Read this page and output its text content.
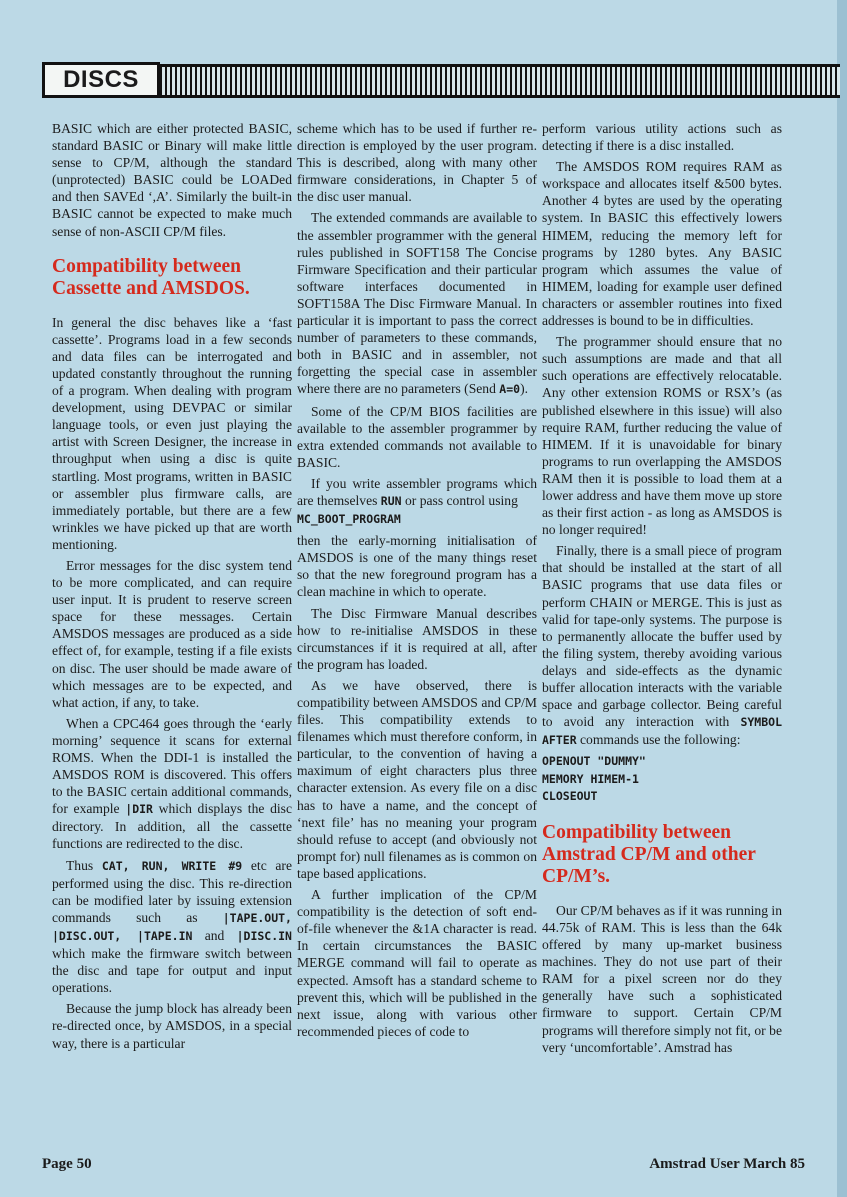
DISCS

BASIC which are either protected BASIC, standard BASIC or Binary will make little sense to CP/M, although the standard (unprotected) BASIC could be LOADed and then SAVEd ‘,A’. Similarly the built-in BASIC cannot be expected to make much sense of non-ASCII CP/M files.

Compatibility between Cassette and AMSDOS.

In general the disc behaves like a ‘fast cassette’. Programs load in a few seconds and data files can be interrogated and updated constantly throughout the running of a program. When dealing with program development, using DEVPAC or similar language tools, or even just playing the artist with Screen Designer, the increase in throughput when using a disc is quite startling. Most programs, written in BASIC or assembler plus firmware calls, are immediately portable, but there are a few wrinkles we have picked up that are worth mentioning.

Error messages for the disc system tend to be more complicated, and can require user input. It is prudent to reserve screen space for these messages. Certain AMSDOS messages are produced as a side effect of, for example, testing if a file exists on disc. The user should be made aware of which messages are to be expected, and what action, if any, to take.

When a CPC464 goes through the ‘early morning’ sequence it scans for external ROMS. When the DDI-1 is installed the AMSDOS ROM is discovered. This offers to the BASIC certain additional commands, for example |DIR which displays the disc directory. In addition, all the cassette functions are redirected to the disc.

Thus CAT, RUN, WRITE #9 etc are performed using the disc. This re-direction can be modified later by issuing extension commands such as |TAPE.OUT, |DISC.OUT, |TAPE.IN and |DISC.IN which make the firmware switch between the disc and tape for output and input operations.

Because the jump block has already been re-directed once, by AMSDOS, in a special way, there is a particular

scheme which has to be used if further re-direction is employed by the user program. This is described, along with many other firmware considerations, in Chapter 5 of the disc user manual.

The extended commands are available to the assembler programmer with the general rules published in SOFT158 The Concise Firmware Specification and their particular software interfaces documented in SOFT158A The Disc Firmware Manual. In particular it is important to pass the correct number of parameters to these commands, both in BASIC and in assembler, not forgetting the special case in assembler where there are no parameters (Send A=0).

Some of the CP/M BIOS facilities are available to the assembler programmer by extra extended commands not available to BASIC.

If you write assembler programs which are themselves RUN or pass control using
MC_BOOT_PROGRAM

then the early-morning initialisation of AMSDOS is one of the many things reset so that the new foreground program has a clean machine in which to operate.

The Disc Firmware Manual describes how to re-initialise AMSDOS in these circumstances if it is required at all, after the program has loaded.

As we have observed, there is compatibility between AMSDOS and CP/M files. This compatibility extends to filenames which must therefore conform, in particular, to the convention of having a maximum of eight characters plus three character extension. As every file on a disc has to have a name, and the concept of ‘next file’ has no meaning your program should refuse to accept (and obviously not prompt for) null filenames as is common on tape based applications.

A further implication of the CP/M compatibility is the detection of soft end-of-file whenever the &1A character is read. In certain circumstances the BASIC MERGE command will fail to operate as expected. Amsoft has a standard scheme to prevent this, which will be published in the next issue, along with various other recommended pieces of code to

perform various utility actions such as detecting if there is a disc installed.

The AMSDOS ROM requires RAM as workspace and allocates itself &500 bytes. Another 4 bytes are used by the operating system. In BASIC this effectively lowers HIMEM, reducing the memory left for programs by 1280 bytes. Any BASIC program which assumes the value of HIMEM, loading for example user defined characters or assembler routines into fixed addresses is bound to be in difficulties.

The programmer should ensure that no such assumptions are made and that all such operations are effectively relocatable. Any other extension ROMS or RSX’s (as published elsewhere in this issue) will also require RAM, further reducing the value of HIMEM. If it is unavoidable for binary programs to run overlapping the AMSDOS RAM then it is possible to load them at a lower address and have them move up store as their first action - as long as AMSDOS is no longer required!

Finally, there is a small piece of program that should be installed at the start of all BASIC programs that use data files or perform CHAIN or MERGE. This is just as valid for tape-only systems. The purpose is to permanently allocate the buffer used by the filing system, thereby avoiding various delays and side-effects as the dynamic buffer allocation interacts with the variable space and garbage collector. Being careful to avoid any interaction with SYMBOL AFTER commands use the following:

OPENOUT "DUMMY"
MEMORY HIMEM-1
CLOSEOUT
Compatibility between Amstrad CP/M and other CP/M’s.

Our CP/M behaves as if it was running in 44.75k of RAM. This is less than the 64k offered by many up-market business machines. They do not use part of their RAM for a pixel screen nor do they generally have such a sophisticated firmware to support. Certain CP/M programs will therefore simply not fit, or be very ‘uncomfortable’. Amstrad has

Page 50	Amstrad User March 85
